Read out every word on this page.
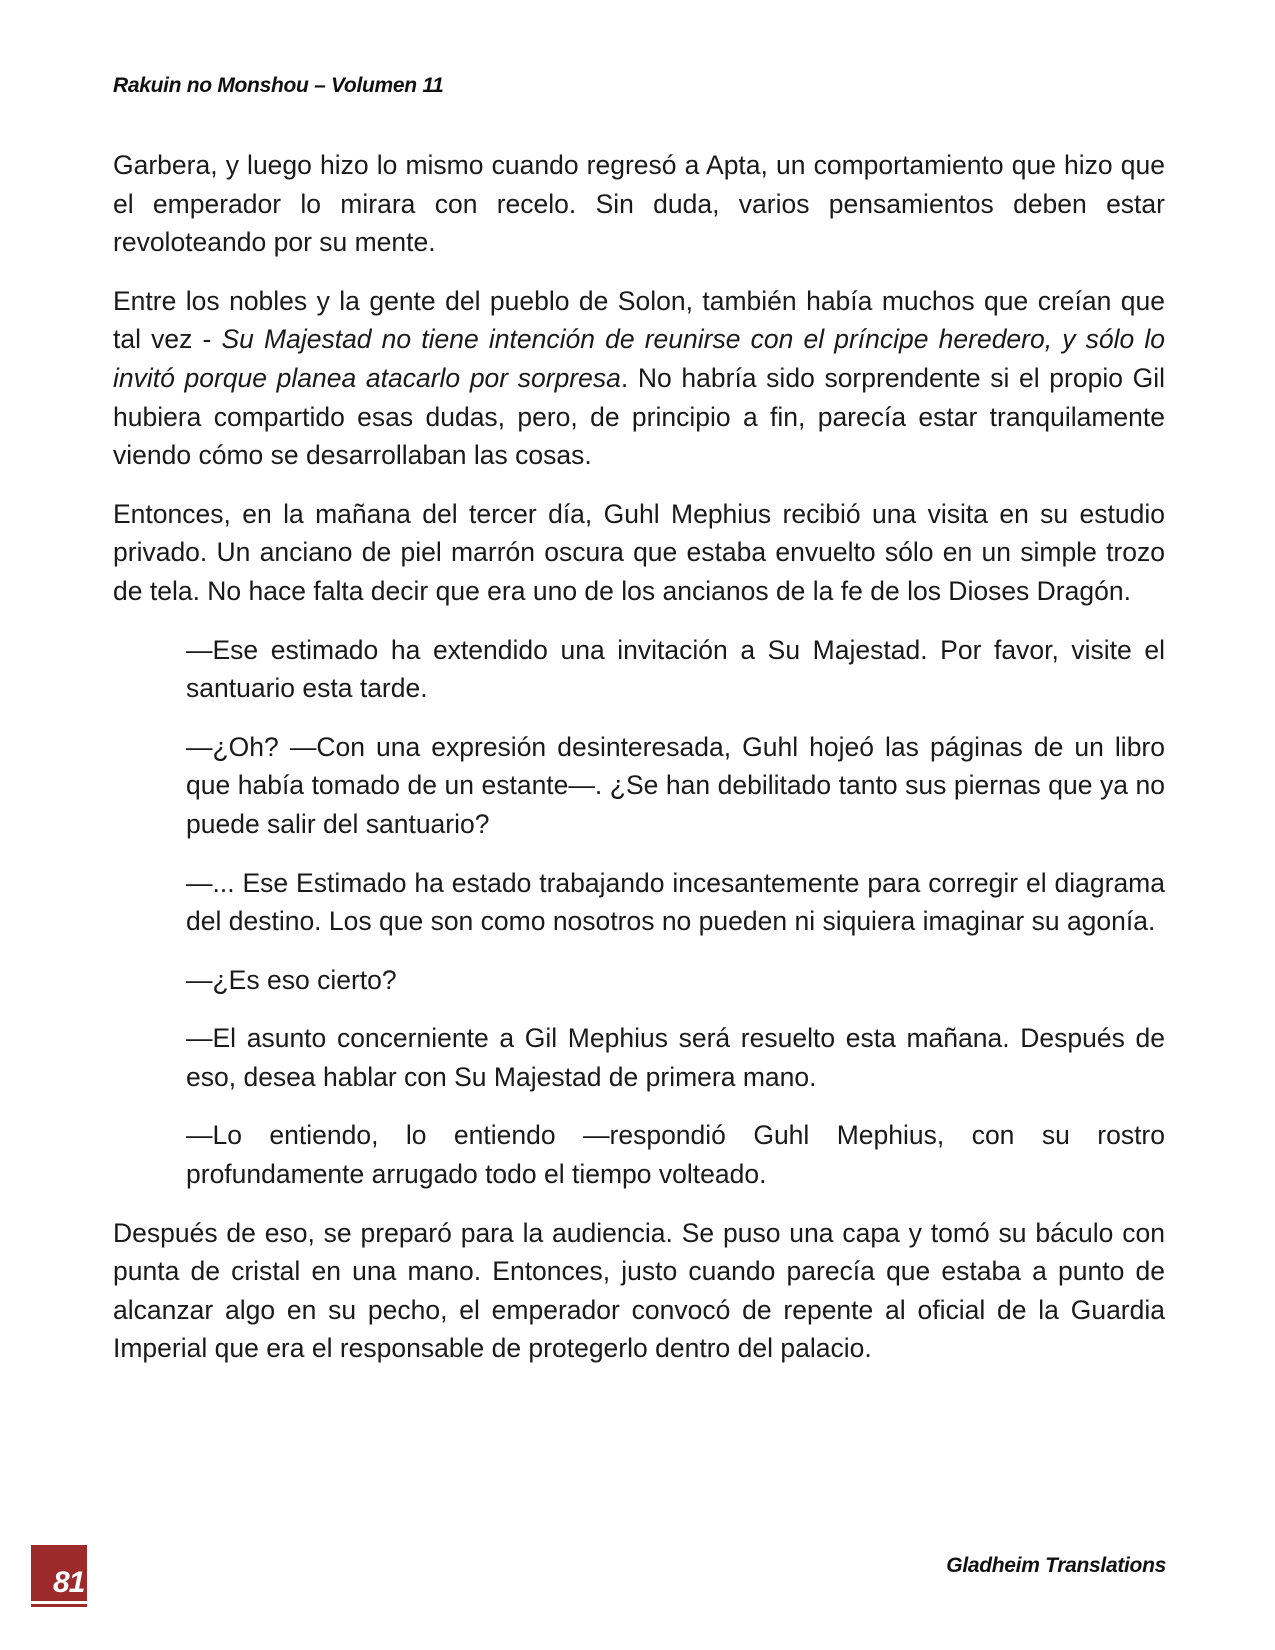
Rakuin no Monshou – Volumen 11

Garbera, y luego hizo lo mismo cuando regresó a Apta, un comportamiento que hizo que el emperador lo mirara con recelo. Sin duda, varios pensamientos deben estar revoloteando por su mente.

Entre los nobles y la gente del pueblo de Solon, también había muchos que creían que tal vez - Su Majestad no tiene intención de reunirse con el príncipe heredero, y sólo lo invitó porque planea atacarlo por sorpresa. No habría sido sorprendente si el propio Gil hubiera compartido esas dudas, pero, de principio a fin, parecía estar tranquilamente viendo cómo se desarrollaban las cosas.

Entonces, en la mañana del tercer día, Guhl Mephius recibió una visita en su estudio privado. Un anciano de piel marrón oscura que estaba envuelto sólo en un simple trozo de tela. No hace falta decir que era uno de los ancianos de la fe de los Dioses Dragón.

—Ese estimado ha extendido una invitación a Su Majestad. Por favor, visite el santuario esta tarde.

—¿Oh? —Con una expresión desinteresada, Guhl hojeó las páginas de un libro que había tomado de un estante—. ¿Se han debilitado tanto sus piernas que ya no puede salir del santuario?

—... Ese Estimado ha estado trabajando incesantemente para corregir el diagrama del destino. Los que son como nosotros no pueden ni siquiera imaginar su agonía.

—¿Es eso cierto?

—El asunto concerniente a Gil Mephius será resuelto esta mañana. Después de eso, desea hablar con Su Majestad de primera mano.

—Lo entiendo, lo entiendo —respondió Guhl Mephius, con su rostro profundamente arrugado todo el tiempo volteado.

Después de eso, se preparó para la audiencia. Se puso una capa y tomó su báculo con punta de cristal en una mano. Entonces, justo cuando parecía que estaba a punto de alcanzar algo en su pecho, el emperador convocó de repente al oficial de la Guardia Imperial que era el responsable de protegerlo dentro del palacio.

81
Gladheim Translations
